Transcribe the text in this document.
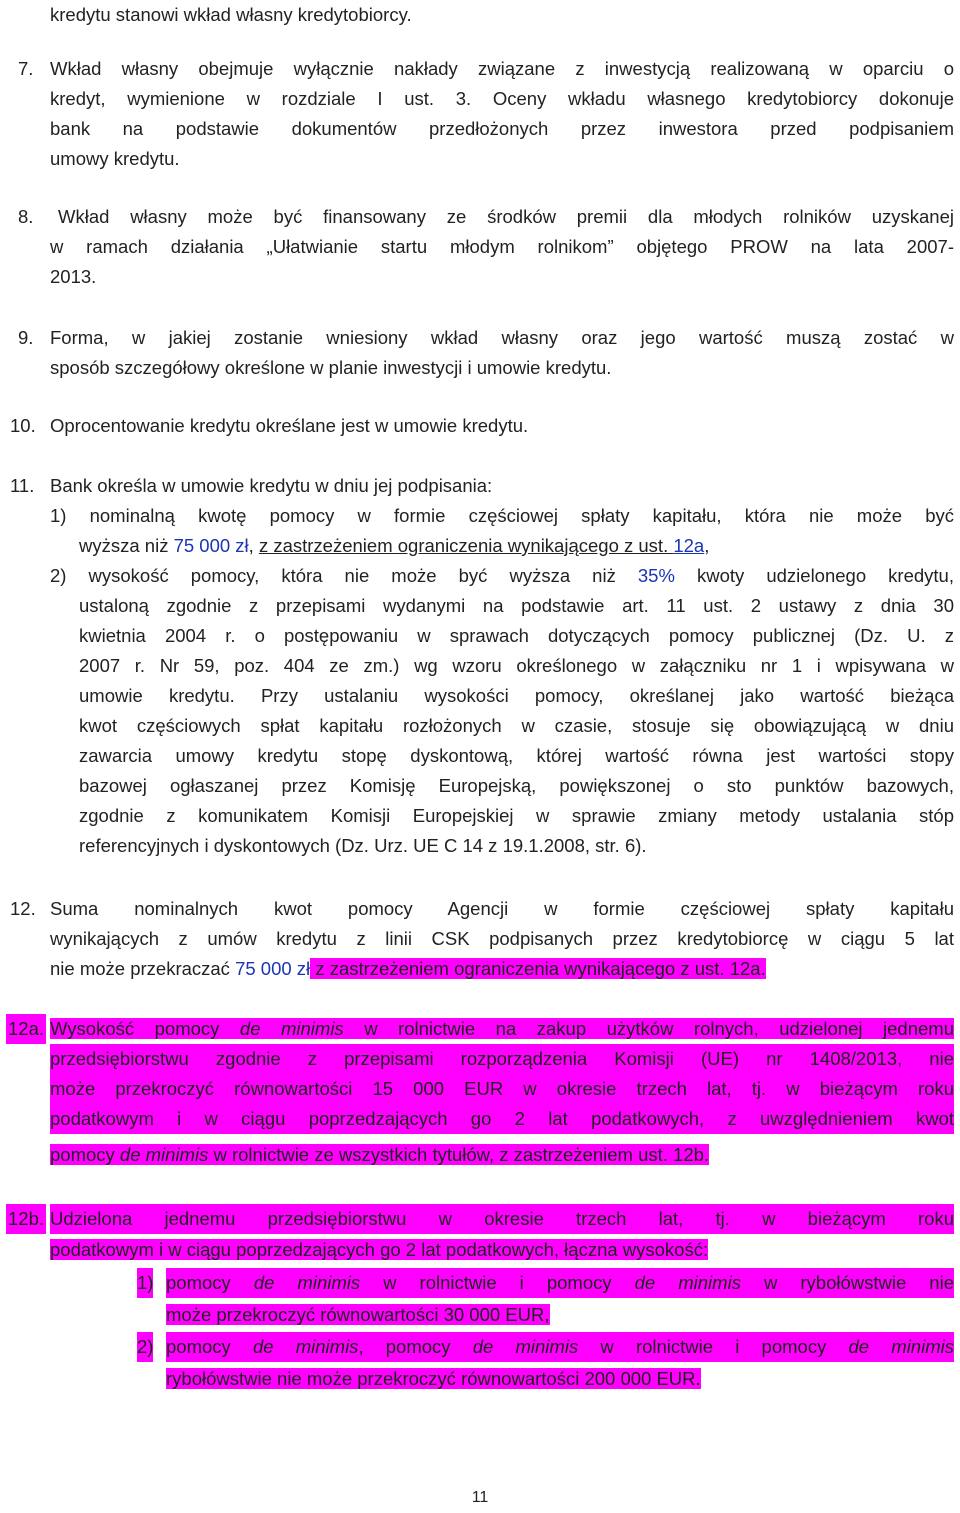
kredytu stanowi wkład własny kredytobiorcy.
7. Wkład własny obejmuje wyłącznie nakłady związane z inwestycją realizowaną w oparciu o
kredyt, wymienione w rozdziale I ust. 3. Oceny wkładu własnego kredytobiorcy dokonuje
bank na podstawie dokumentów przedłożonych przez inwestora przed podpisaniem
umowy kredytu.
8. Wkład własny może być finansowany ze środków premii dla młodych rolników uzyskanej
w ramach działania „Ułatwianie startu młodym rolnikom” objętego PROW na lata 2007-
2013.
9. Forma, w jakiej zostanie wniesiony wkład własny oraz jego wartość muszą zostać w
sposób szczegółowy określone w planie inwestycji i umowie kredytu.
10. Oprocentowanie kredytu określane jest w umowie kredytu.
11. Bank określa w umowie kredytu w dniu jej podpisania:
1) nominalną kwotę pomocy w formie częściowej spłaty kapitału, która nie może być
wyższa niż 75 000 zł, z zastrzeżeniem ograniczenia wynikającego z ust. 12a,
2) wysokość pomocy, która nie może być wyższa niż 35% kwoty udzielonego kredytu,
ustaloną zgodnie z przepisami wydanymi na podstawie art. 11 ust. 2 ustawy z dnia 30
kwietnia 2004 r. o postępowaniu w sprawach dotyczących pomocy publicznej (Dz. U. z
2007 r. Nr 59, poz. 404 ze zm.) wg wzoru określonego w załączniku nr 1 i wpisywana w
umowie kredytu. Przy ustalaniu wysokości pomocy, określanej jako wartość bieżąca
kwot częściowych spłat kapitału rozłożonych w czasie, stosuje się obowiązującą w dniu
zawarcia umowy kredytu stopę dyskontową, której wartość równa jest wartości stopy
bazowej ogłaszanej przez Komisję Europejską, powiększonej o sto punktów bazowych,
zgodnie z komunikatem Komisji Europejskiej w sprawie zmiany metody ustalania stóp
referencyjnych i dyskontowych (Dz. Urz. UE C 14 z 19.1.2008, str. 6).
12. Suma nominalnych kwot pomocy Agencji w formie częściowej spłaty kapitału
wynikających z umów kredytu z linii CSK podpisanych przez kredytobiorcę w ciągu 5 lat
nie może przekraczać 75 000 zł z zastrzeżeniem ograniczenia wynikającego z ust. 12a.
12a. Wysokość pomocy de minimis w rolnictwie na zakup użytków rolnych, udzielonej jednemu
przedsiębiorstwu zgodnie z przepisami rozporządzenia Komisji (UE) nr 1408/2013, nie
może przekroczyć równowartości 15 000 EUR w okresie trzech lat, tj. w bieżącym roku
podatkowym i w ciągu poprzedzających go 2 lat podatkowych, z uwzględnieniem kwot
pomocy de minimis w rolnictwie ze wszystkich tytułów, z zastrzeżeniem ust. 12b.
12b. Udzielona jednemu przedsiębiorstwu w okresie trzech lat, tj. w bieżącym roku
podatkowym i w ciągu poprzedzających go 2 lat podatkowych, łączna wysokość:
1) pomocy de minimis w rolnictwie i pomocy de minimis w rybołówstwie nie
może przekroczyć równowartości 30 000 EUR,
2) pomocy de minimis, pomocy de minimis w rolnictwie i pomocy de minimis
rybołówstwie nie może przekroczyć równowartości 200 000 EUR.
11
